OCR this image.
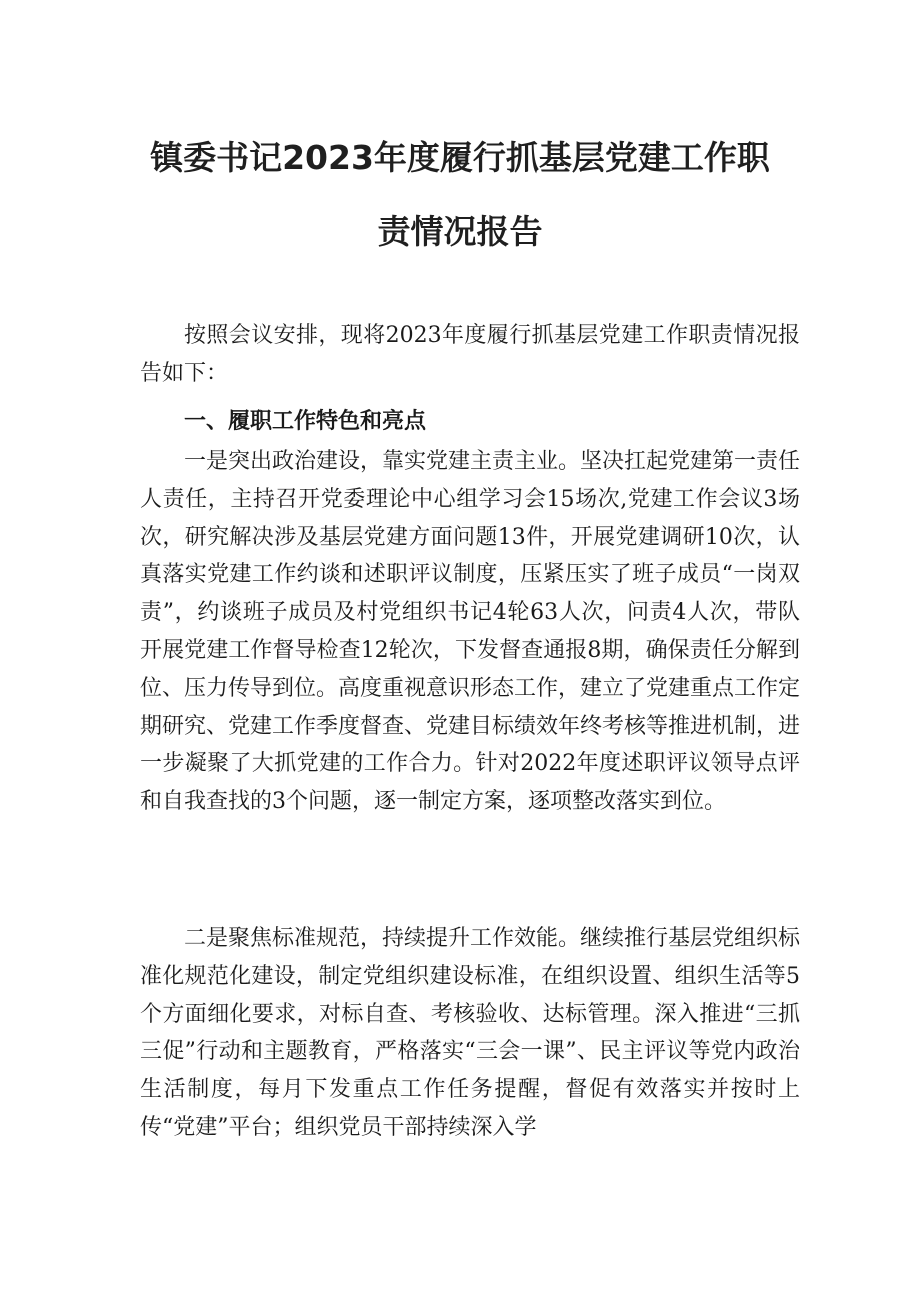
镇委书记2023年度履行抓基层党建工作职
责情况报告

按照会议安排，现将2023年度履行抓基层党建工作职责情况报告如下：

一、履职工作特色和亮点

一是突出政治建设，靠实党建主责主业。坚决扛起党建第一责任人责任，主持召开党委理论中心组学习会15场次,党建工作会议3场次，研究解决涉及基层党建方面问题13件，开展党建调研10次，认真落实党建工作约谈和述职评议制度，压紧压实了班子成员“一岗双责”，约谈班子成员及村党组织书记4轮63人次，问责4人次，带队开展党建工作督导检查12轮次，下发督查通报8期，确保责任分解到位、压力传导到位。高度重视意识形态工作，建立了党建重点工作定期研究、党建工作季度督查、党建目标绩效年终考核等推进机制，进一步凝聚了大抓党建的工作合力。针对2022年度述职评议领导点评和自我查找的3个问题，逐一制定方案，逐项整改落实到位。

二是聚焦标准规范，持续提升工作效能。继续推行基层党组织标准化规范化建设，制定党组织建设标准，在组织设置、组织生活等5个方面细化要求，对标自查、考核验收、达标管理。深入推进“三抓三促”行动和主题教育，严格落实“三会一课”、民主评议等党内政治生活制度，每月下发重点工作任务提醒，督促有效落实并按时上传“党建”平台；组织党员干部持续深入学
